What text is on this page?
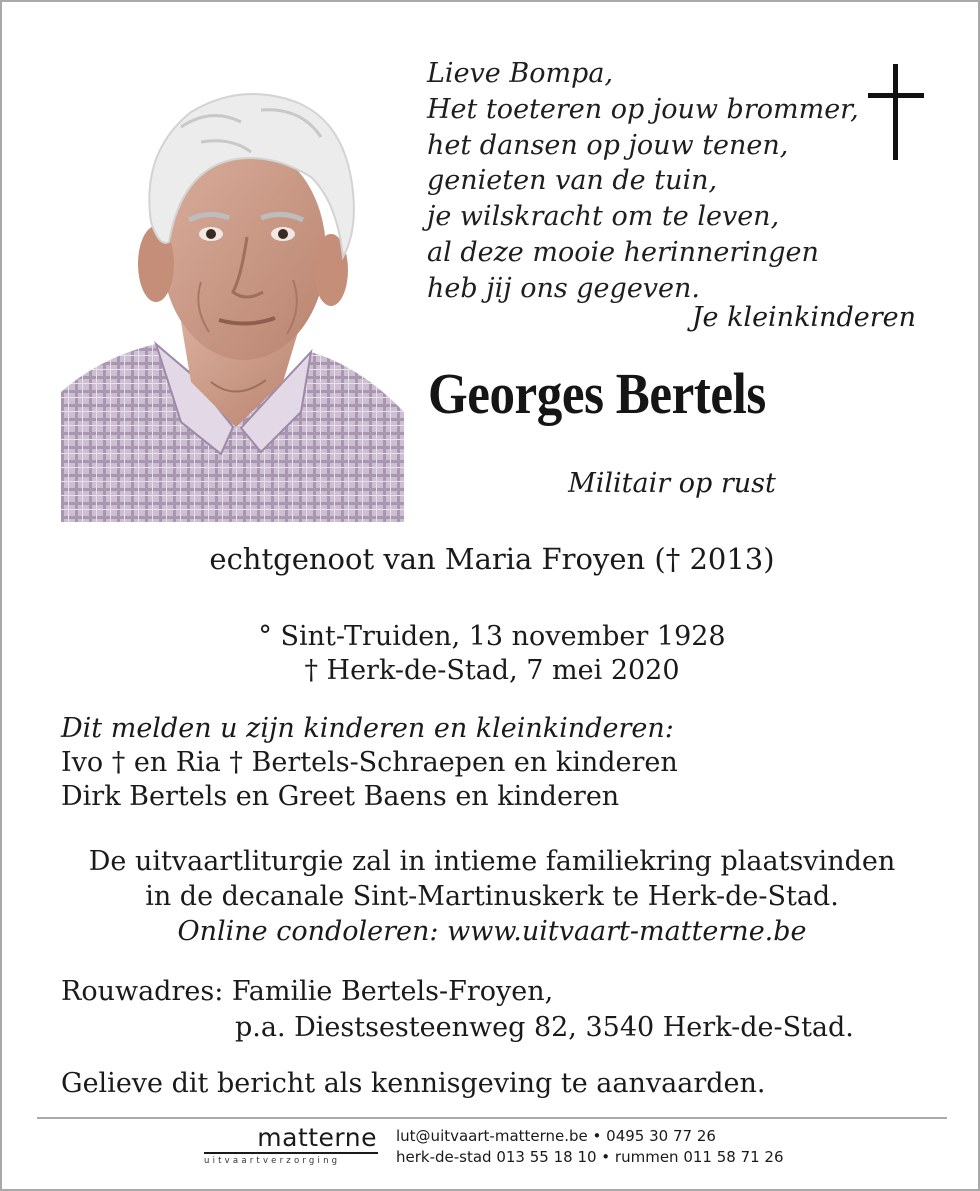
Lieve Bompa,
Het toeteren op jouw brommer,
het dansen op jouw tenen,
genieten van de tuin,
je wilskracht om te leven,
al deze mooie herinneringen
heb jij ons gegeven.
Je kleinkinderen
Georges Bertels
Militair op rust
echtgenoot van Maria Froyen († 2013)
° Sint-Truiden, 13 november 1928
† Herk-de-Stad, 7 mei 2020
Dit melden u zijn kinderen en kleinkinderen:
Ivo † en Ria † Bertels-Schraepen en kinderen
Dirk Bertels en Greet Baens en kinderen
De uitvaartliturgie zal in intieme familiekring plaatsvinden
in de decanale Sint-Martinuskerk te Herk-de-Stad.
Online condoleren: www.uitvaart-matterne.be
Rouwadres: Familie Bertels-Froyen,
p.a. Diestsesteenweg 82, 3540 Herk-de-Stad.
Gelieve dit bericht als kennisgeving te aanvaarden.
matterne
uitvaartverzorging
lut@uitvaart-matterne.be • 0495 30 77 26
herk-de-stad 013 55 18 10 • rummen 011 58 71 26
